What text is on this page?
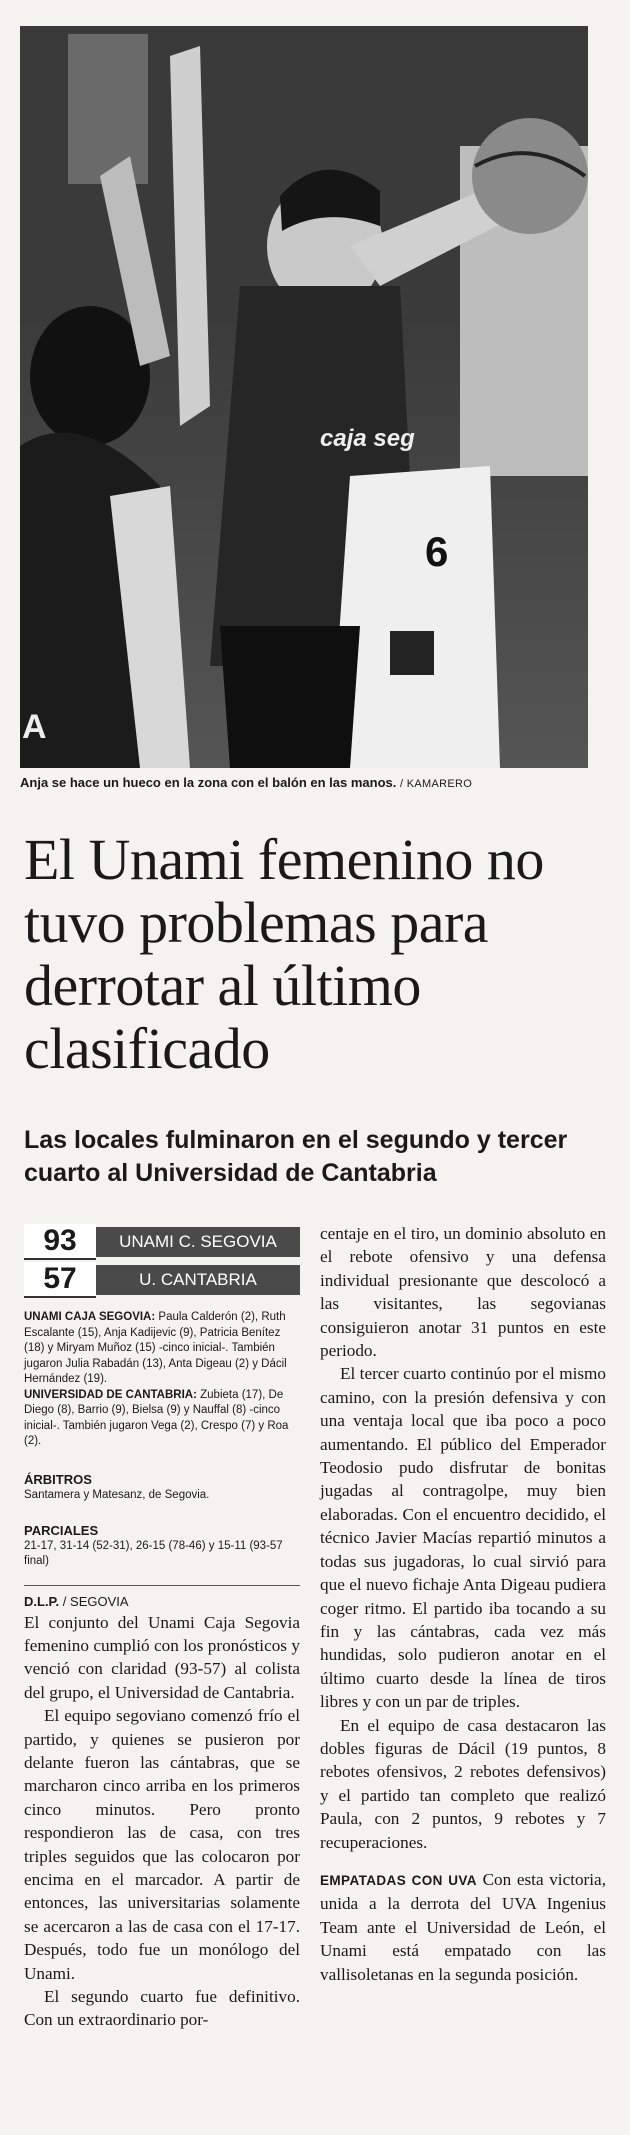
caja seg
6
A
Anja se hace un hueco en la zona con el balón en las manos. / KAMARERO
El Unami femenino no tuvo problemas para derrotar al último clasificado
Las locales fulminaron en el segundo y tercer cuarto al Universidad de Cantabria
93	UNAMI C. SEGOVIA
57	U. CANTABRIA

UNAMI CAJA SEGOVIA: Paula Calderón (2), Ruth Escalante (15), Anja Kadijevic (9), Patricia Benítez (18) y Miryam Muñoz (15) -cinco inicial-. También jugaron Julia Rabadán (13), Anta Digeau (2) y Dácil Hernández (19).

UNIVERSIDAD DE CANTABRIA: Zubieta (17), De Diego (8), Barrio (9), Bielsa (9) y Nauffal (8) -cinco inicial-. También jugaron Vega (2), Crespo (7) y Roa (2).

ÁRBITROS
Santamera y Matesanz, de Segovia.
PARCIALES
21-17, 31-14 (52-31), 26-15 (78-46) y 15-11 (93-57 final)
D.L.P. / SEGOVIA

El conjunto del Unami Caja Segovia femenino cumplió con los pronósticos y venció con claridad (93-57) al colista del grupo, el Universidad de Cantabria.

El equipo segoviano comenzó frío el partido, y quienes se pusieron por delante fueron las cántabras, que se marcharon cinco arriba en los primeros cinco minutos. Pero pronto respondieron las de casa, con tres triples seguidos que las colocaron por encima en el marcador. A partir de entonces, las universitarias solamente se acercaron a las de casa con el 17-17. Después, todo fue un monólogo del Unami.

El segundo cuarto fue definitivo. Con un extraordinario por-

centaje en el tiro, un dominio absoluto en el rebote ofensivo y una defensa individual presionante que descolocó a las visitantes, las segovianas consiguieron anotar 31 puntos en este periodo.

El tercer cuarto continúo por el mismo camino, con la presión defensiva y con una ventaja local que iba poco a poco aumentando. El público del Emperador Teodosio pudo disfrutar de bonitas jugadas al contragolpe, muy bien elaboradas. Con el encuentro decidido, el técnico Javier Macías repartió minutos a todas sus jugadoras, lo cual sirvió para que el nuevo fichaje Anta Digeau pudiera coger ritmo. El partido iba tocando a su fin y las cántabras, cada vez más hundidas, solo pudieron anotar en el último cuarto desde la línea de tiros libres y con un par de triples.

En el equipo de casa destacaron las dobles figuras de Dácil (19 puntos, 8 rebotes ofensivos, 2 rebotes defensivos) y el partido tan completo que realizó Paula, con 2 puntos, 9 rebotes y 7 recuperaciones.

EMPATADAS CON UVA Con esta victoria, unida a la derrota del UVA Ingenius Team ante el Universidad de León, el Unami está empatado con las vallisoletanas en la segunda posición.
